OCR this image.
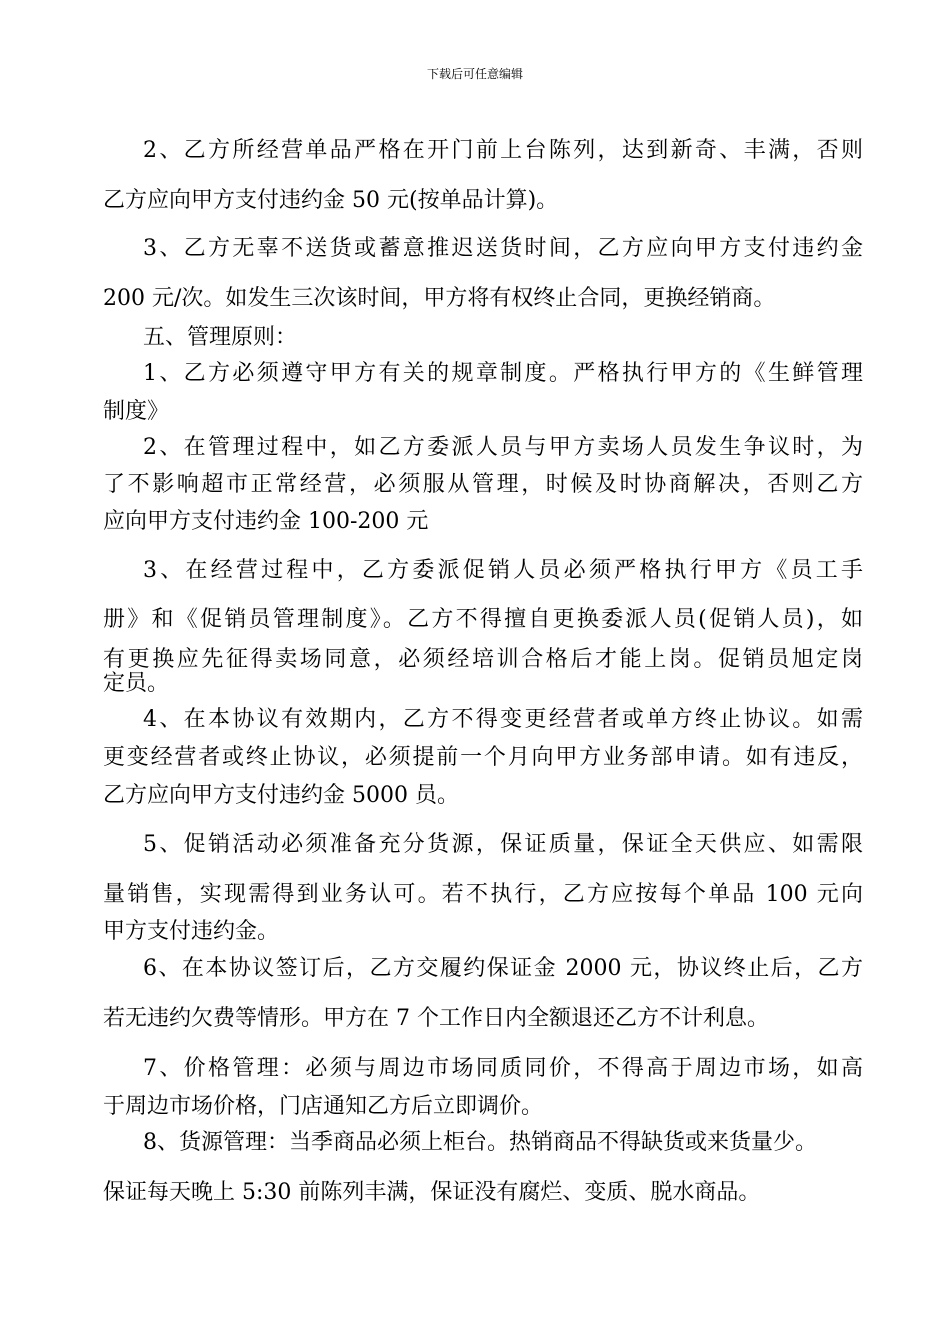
下载后可任意编辑
2、乙方所经营单品严格在开门前上台陈列，达到新奇、丰满，否则
乙方应向甲方支付违约金 50 元(按单品计算)。
3、乙方无辜不送货或蓄意推迟送货时间，乙方应向甲方支付违约金
200 元/次。如发生三次该时间，甲方将有权终止合同，更换经销商。
五、管理原则：
1、乙方必须遵守甲方有关的规章制度。严格执行甲方的《生鲜管理
制度》
2、在管理过程中，如乙方委派人员与甲方卖场人员发生争议时，为
了不影响超市正常经营，必须服从管理，时候及时协商解决，否则乙方
应向甲方支付违约金 100-200 元
3、在经营过程中，乙方委派促销人员必须严格执行甲方《员工手
册》和《促销员管理制度》。乙方不得擅自更换委派人员(促销人员)，如
有更换应先征得卖场同意，必须经培训合格后才能上岗。促销员旭定岗
定员。
4、在本协议有效期内，乙方不得变更经营者或单方终止协议。如需
更变经营者或终止协议，必须提前一个月向甲方业务部申请。如有违反，
乙方应向甲方支付违约金 5000 员。
5、促销活动必须准备充分货源，保证质量，保证全天供应、如需限
量销售，实现需得到业务认可。若不执行，乙方应按每个单品 100 元向
甲方支付违约金。
6、在本协议签订后，乙方交履约保证金 2000 元，协议终止后，乙方
若无违约欠费等情形。甲方在 7 个工作日内全额退还乙方不计利息。
7、价格管理：必须与周边市场同质同价，不得高于周边市场，如高
于周边市场价格，门店通知乙方后立即调价。
8、货源管理：当季商品必须上柜台。热销商品不得缺货或来货量少。
保证每天晚上 5:30 前陈列丰满，保证没有腐烂、变质、脱水商品。
